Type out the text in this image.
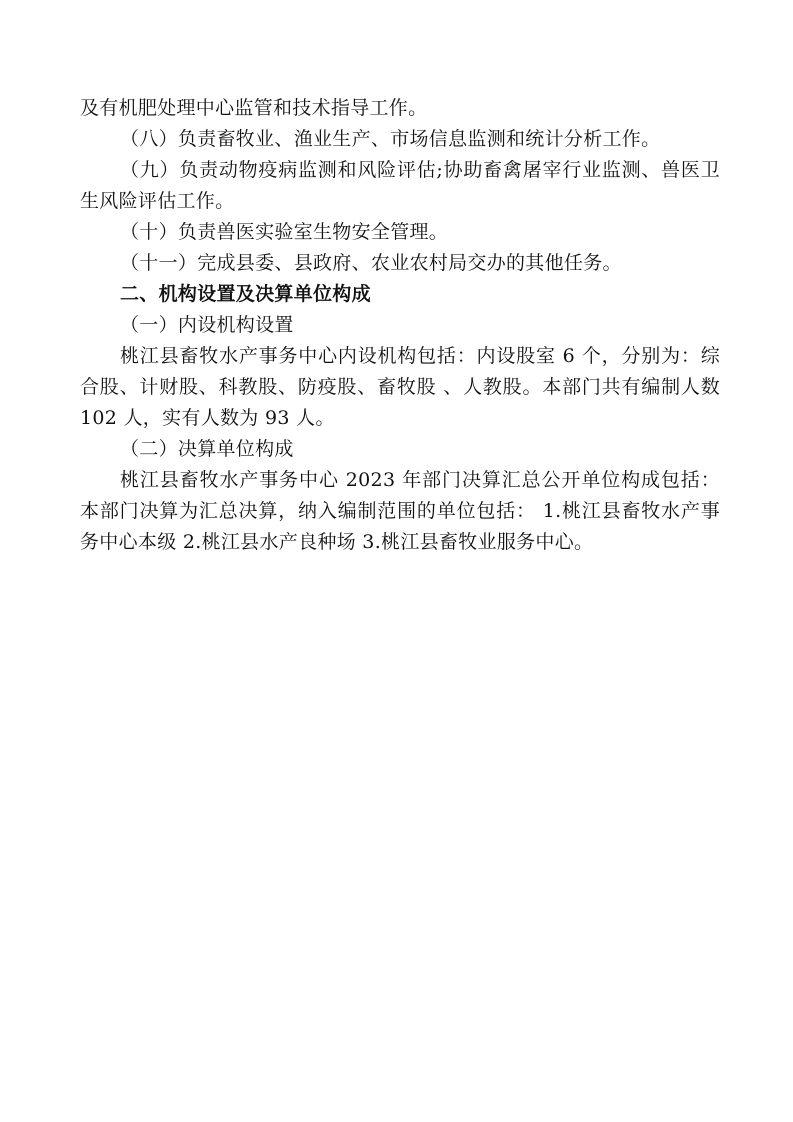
及有机肥处理中心监管和技术指导工作。

（八）负责畜牧业、渔业生产、市场信息监测和统计分析工作。

（九）负责动物疫病监测和风险评估;协助畜禽屠宰行业监测、兽医卫生风险评估工作。

（十）负责兽医实验室生物安全管理。

（十一）完成县委、县政府、农业农村局交办的其他任务。

二、机构设置及决算单位构成

（一）内设机构设置

桃江县畜牧水产事务中心内设机构包括：内设股室 6 个，分别为：综合股、计财股、科教股、防疫股、畜牧股 、人教股。本部门共有编制人数 102 人，实有人数为 93 人。

（二）决算单位构成

桃江县畜牧水产事务中心 2023 年部门决算汇总公开单位构成包括：本部门决算为汇总决算，纳入编制范围的单位包括： 1.桃江县畜牧水产事务中心本级 2.桃江县水产良种场 3.桃江县畜牧业服务中心。
